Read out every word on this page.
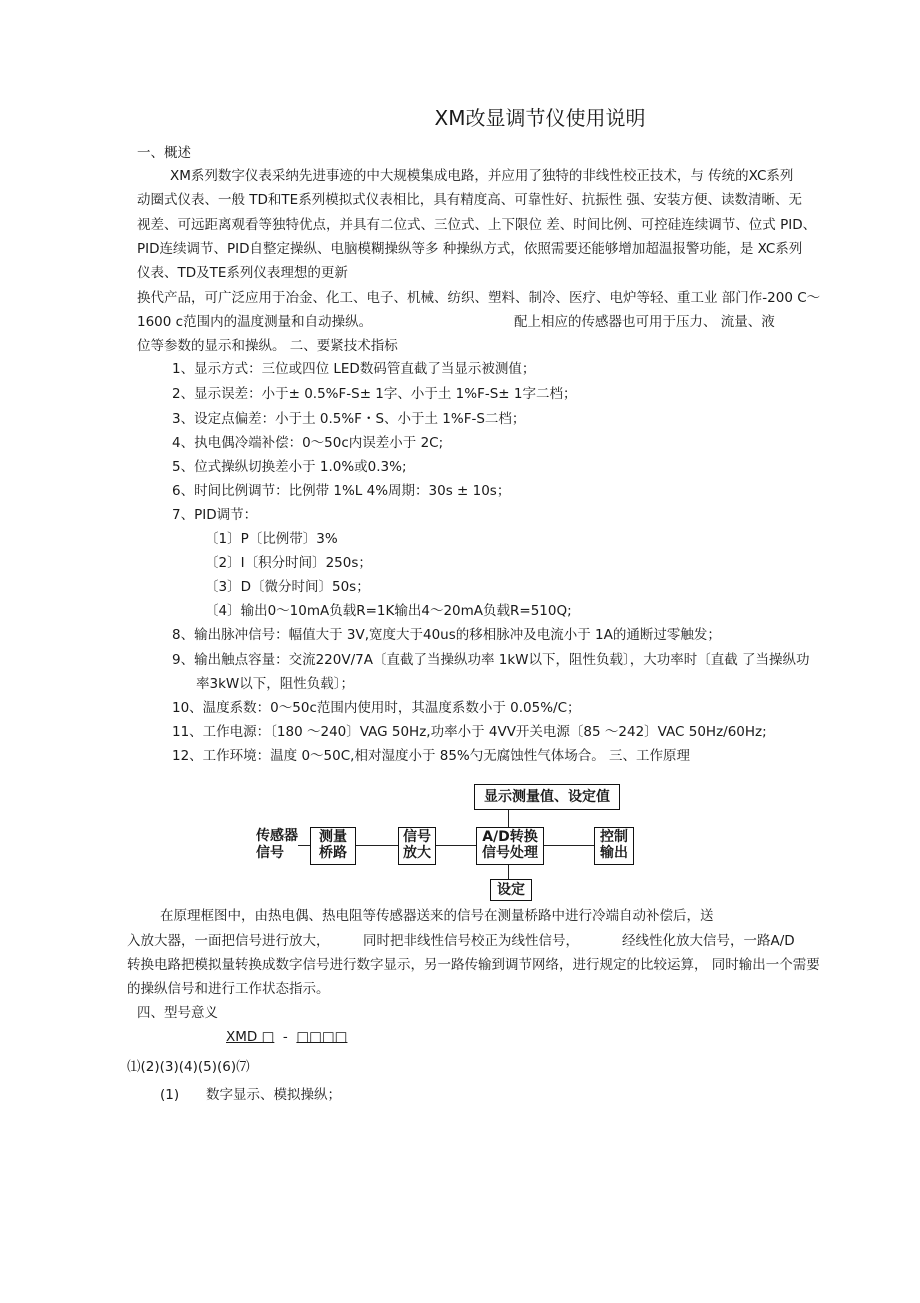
XM改显调节仪使用说明
一、概述
XM系列数字仪表采纳先进事迹的中大规模集成电路，并应用了独特的非线性校正技术，与 传统的XC系列
动圈式仪表、一般 TD和TE系列模拟式仪表相比，具有精度高、可靠性好、抗振性 强、安装方便、读数清晰、无
视差、可远距离观看等独特优点，并具有二位式、三位式、上下限位 差、时间比例、可控硅连续调节、位式 PID、
PID连续调节、PID自整定操纵、电脑模糊操纵等多 种操纵方式，依照需要还能够增加超温报警功能，是 XC系列
仪表、TD及TE系列仪表理想的更新
换代产品，可广泛应用于冶金、化工、电子、机械、纺织、塑料、制冷、医疗、电炉等轻、重工业 部门作-200 C～
1600 c范围内的温度测量和自动操纵。	配上相应的传感器也可用于压力、 流量、液
位等参数的显示和操纵。 二、要紧技术指标
1、显示方式：三位或四位 LED数码管直截了当显示被测值；
2、显示误差：小于± 0.5%F-S± 1字、小于土 1%F-S± 1字二档；
3、设定点偏差：小于土 0.5%F・S、小于土 1%F-S二档；
4、执电偶冷端补偿：0～50c内误差小于 2C;
5、位式操纵切换差小于 1.0%或0.3%;
6、时间比例调节：比例带 1%L 4%周期：30s ± 10s；
7、PID调节：
〔1〕P〔比例带〕3%
〔2〕I〔积分时间〕250s；
〔3〕D〔微分时间〕50s；
〔4〕输出0～10mA负载R=1K输出4～20mA负载R=510Q;
8、输出脉冲信号：幅值大于 3V,宽度大于40us的移相脉冲及电流小于 1A的通断过零触发；
9、输出触点容量：交流220V/7A〔直截了当操纵功率 1kW以下，阻性负载〕，大功率时〔直截 了当操纵功
率3kW以下，阻性负载〕；
10、温度系数：0～50c范围内使用时，其温度系数小于 0.05%/C；
11、工作电源：〔180 ～240〕VAG 50Hz,功率小于 4VV开关电源〔85 ～242〕VAC 50Hz/60Hz;
12、工作环境：温度 0～50C,相对湿度小于 85%勺无腐蚀性气体场合。 三、工作原理
传感器
信号
测量
桥路
信号
放大
A/D转换
信号处理
控制
输出
显示测量值、设定值
设定
在原理框图中，由热电偶、热电阻等传感器送来的信号在测量桥路中进行冷端自动补偿后，送
入放大器，一面把信号进行放大， 同时把非线性信号校正为线性信号，	经线性化放大信号，一路A/D
转换电路把模拟量转换成数字信号进行数字显示，另一路传输到调节网络，进行规定的比较运算， 同时输出一个需要
的操纵信号和进行工作状态指示。
四、型号意义
XMD □  -  □□□□
⑴(2)(3)(4)(5)(6)⑺
(1) 数字显示、模拟操纵；
